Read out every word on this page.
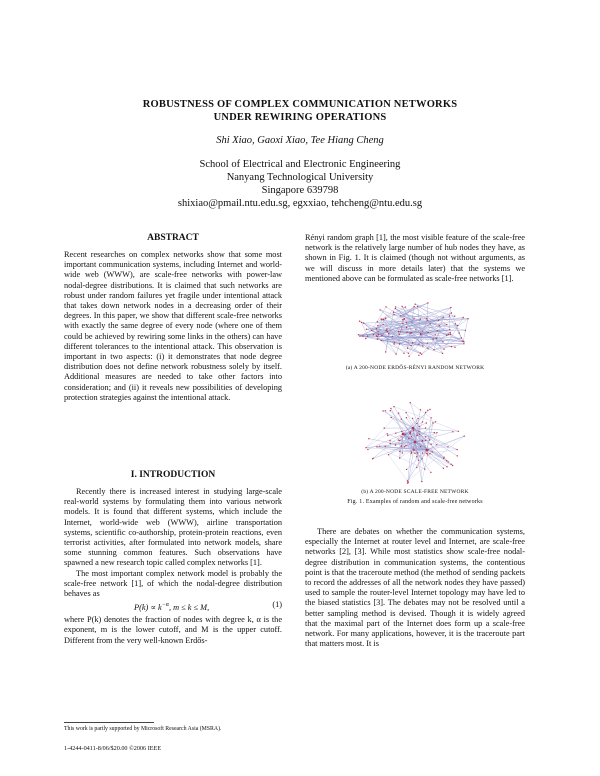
ROBUSTNESS OF COMPLEX COMMUNICATION NETWORKS
UNDER REWIRING OPERATIONS
Shi Xiao, Gaoxi Xiao, Tee Hiang Cheng
School of Electrical and Electronic Engineering
Nanyang Technological University
Singapore 639798
shixiao@pmail.ntu.edu.sg, egxxiao, tehcheng@ntu.edu.sg
ABSTRACT

Recent researches on complex networks show that some most important communication systems, including Internet and world-wide web (WWW), are scale-free networks with power-law nodal-degree distributions. It is claimed that such networks are robust under random failures yet fragile under intentional attack that takes down network nodes in a decreasing order of their degrees. In this paper, we show that different scale-free networks with exactly the same degree of every node (where one of them could be achieved by rewiring some links in the others) can have different tolerances to the intentional attack. This observation is important in two aspects: (i) it demonstrates that node degree distribution does not define network robustness solely by itself. Additional measures are needed to take other factors into consideration; and (ii) it reveals new possibilities of developing protection strategies against the intentional attack.

I. INTRODUCTION

Recently there is increased interest in studying large-scale real-world systems by formulating them into various network models. It is found that different systems, which include the Internet, world-wide web (WWW), airline transportation systems, scientific co-authorship, protein-protein reactions, even terrorist activities, after formulated into network models, share some stunning common features. Such observations have spawned a new research topic called complex networks [1].

The most important complex network model is probably the scale-free network [1], of which the nodal-degree distribution behaves as

$P(k) \propto k^{-\alpha}$, m ≤ k ≤ M,	(1)

where P(k) denotes the fraction of nodes with degree k, α is the exponent, m is the lower cutoff, and M is the upper cutoff. Different from the very well-known Erdős-

Rényi random graph [1], the most visible feature of the scale-free network is the relatively large number of hub nodes they have, as shown in Fig. 1. It is claimed (though not without arguments, as we will discuss in more details later) that the systems we mentioned above can be formulated as scale-free networks [1].

(a) A 200-NODE ERDŐS-RÉNYI RANDOM NETWORK
(b) A 200-NODE SCALE-FREE NETWORK
Fig. 1. Examples of random and scale-free networks

There are debates on whether the communication systems, especially the Internet at router level and Internet, are scale-free networks [2], [3]. While most statistics show scale-free nodal-degree distribution in communication systems, the contentious point is that the traceroute method (the method of sending packets to record the addresses of all the network nodes they have passed) used to sample the router-level Internet topology may have led to the biased statistics [3]. The debates may not be resolved until a better sampling method is devised. Though it is widely agreed that the maximal part of the Internet does form up a scale-free network. For many applications, however, it is the traceroute part that matters most. It is

This work is partly supported by Microsoft Research Asia (MSRA).
1-4244-0411-8/06/$20.00 ©2006 IEEE
